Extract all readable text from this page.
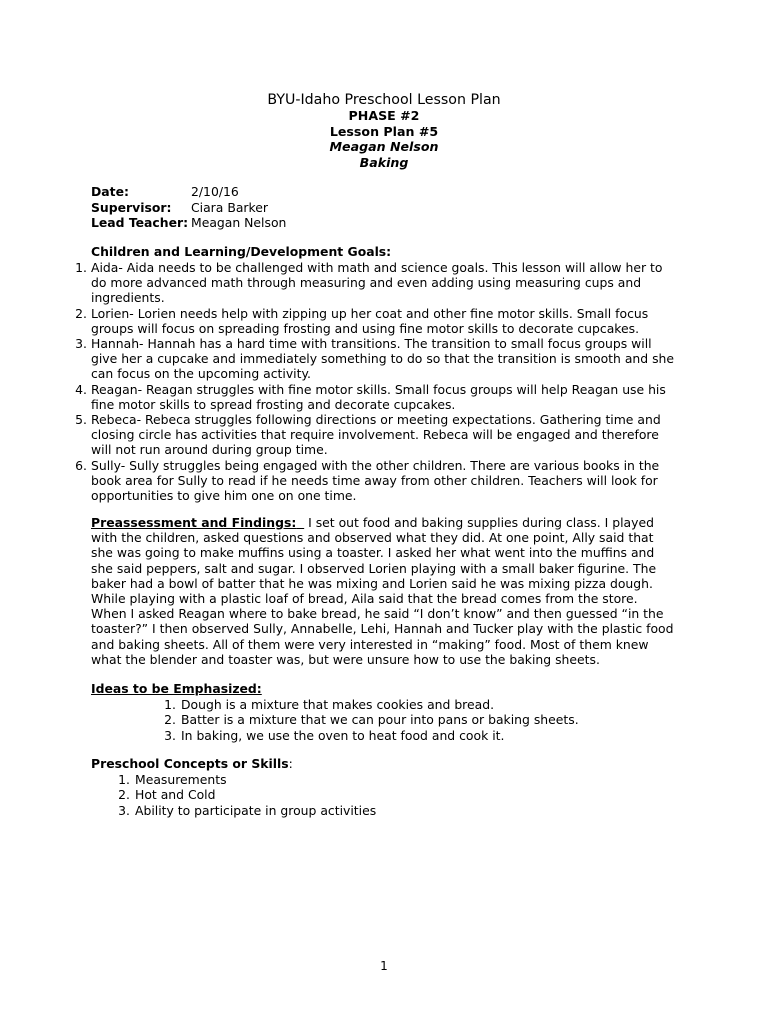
BYU-Idaho Preschool Lesson Plan
PHASE #2
Lesson Plan #5
Meagan Nelson
Baking
Date:	2/10/16
Supervisor:	Ciara Barker
Lead Teacher: Meagan Nelson
Children and Learning/Development Goals:
1. Aida- Aida needs to be challenged with math and science goals. This lesson will allow her to do more advanced math through measuring and even adding using measuring cups and ingredients.
2. Lorien- Lorien needs help with zipping up her coat and other fine motor skills. Small focus groups will focus on spreading frosting and using fine motor skills to decorate cupcakes.
3. Hannah- Hannah has a hard time with transitions. The transition to small focus groups will give her a cupcake and immediately something to do so that the transition is smooth and she can focus on the upcoming activity.
4. Reagan- Reagan struggles with fine motor skills. Small focus groups will help Reagan use his fine motor skills to spread frosting and decorate cupcakes.
5. Rebeca- Rebeca struggles following directions or meeting expectations. Gathering time and closing circle has activities that require involvement. Rebeca will be engaged and therefore will not run around during group time.
6. Sully- Sully struggles being engaged with the other children. There are various books in the book area for Sully to read if he needs time away from other children. Teachers will look for opportunities to give him one on one time.
Preassessment and Findings: I set out food and baking supplies during class. I played with the children, asked questions and observed what they did. At one point, Ally said that she was going to make muffins using a toaster. I asked her what went into the muffins and she said peppers, salt and sugar. I observed Lorien playing with a small baker figurine. The baker had a bowl of batter that he was mixing and Lorien said he was mixing pizza dough. While playing with a plastic loaf of bread, Aila said that the bread comes from the store. When I asked Reagan where to bake bread, he said “I don’t know” and then guessed “in the toaster?” I then observed Sully, Annabelle, Lehi, Hannah and Tucker play with the plastic food and baking sheets. All of them were very interested in “making” food. Most of them knew what the blender and toaster was, but were unsure how to use the baking sheets.
Ideas to be Emphasized:
1. Dough is a mixture that makes cookies and bread.
2. Batter is a mixture that we can pour into pans or baking sheets.
3. In baking, we use the oven to heat food and cook it.
Preschool Concepts or Skills:
1. Measurements
2. Hot and Cold
3. Ability to participate in group activities
1
